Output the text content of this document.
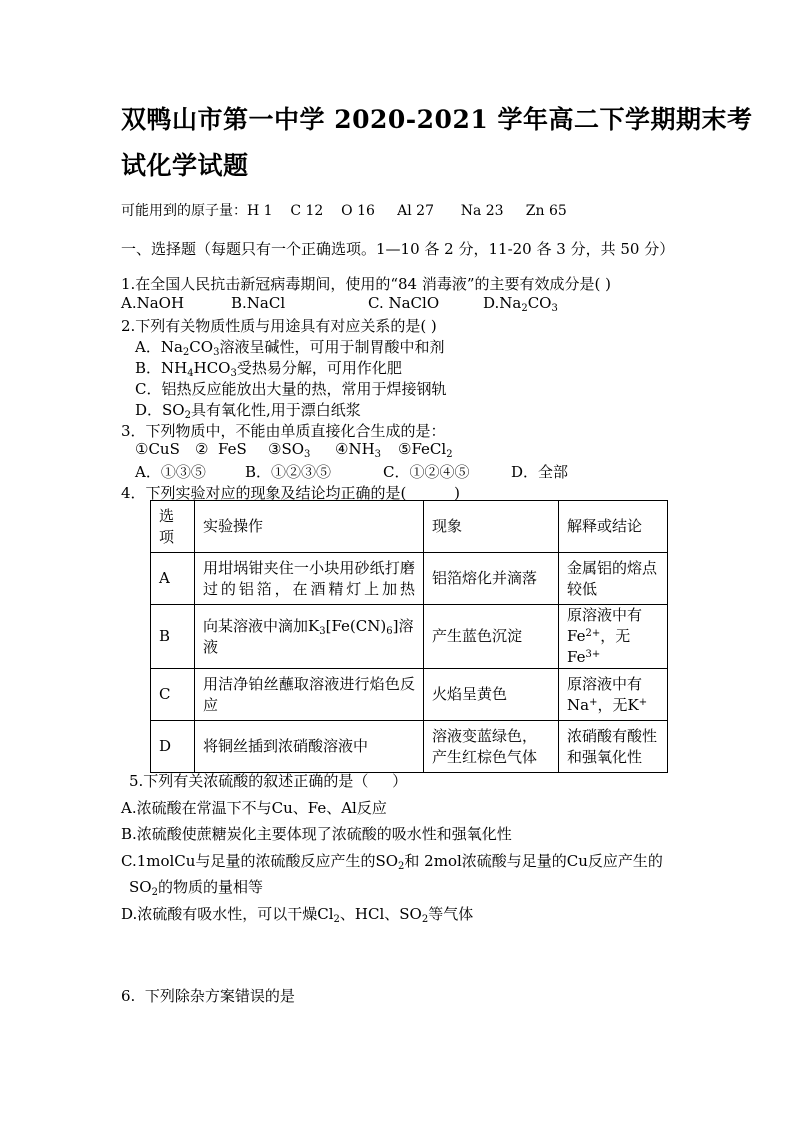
双鸭山市第一中学 2020-2021 学年高二下学期期末考
试化学试题
可能用到的原子量：H 1    C 12    O 16     Al 27      Na 23     Zn 65
一、选择题（每题只有一个正确选项。1—10 各 2 分，11-20 各 3 分，共 50 分）
1.在全国人民抗击新冠病毒期间，使用的“84 消毒液”的主要有效成分是( )
A.NaOH	B.NaCl	C. NaClO	$D.Na_2CO_3$
2.下列有关物质性质与用途具有对应关系的是( )
A．$Na_2CO_3$溶液呈碱性，可用于制胃酸中和剂
B．$NH_4HCO_3$受热易分解，可用作化肥
C．铝热反应能放出大量的热，常用于焊接钢轨
D．$SO_2$具有氧化性,用于漂白纸浆
3．下列物质中，不能由单质直接化合生成的是：
①CuS ②  FeS $③SO_3$ $④NH_3$ ⑤FeCl$_2$
A．①③⑤	B．①②③⑤	C．①②④⑤	D．全部
4．下列实验对应的现象及结论均正确的是(          )
选项	实验操作	现象	解释或结论
A	用坩埚钳夹住一小块用砂纸打磨过的铝箔，在酒精灯上加热	铝箔熔化并滴落	金属铝的熔点较低
B	向某溶液中滴加$K_3[Fe(CN)_6]$溶液	产生蓝色沉淀	原溶液中有$Fe^{2+}$，无$Fe^{3+}$
C	用洁净铂丝蘸取溶液进行焰色反应	火焰呈黄色	原溶液中有Na+，无K+
D	将铜丝插到浓硝酸溶液中	溶液变蓝绿色，产生红棕色气体	浓硝酸有酸性和强氧化性
5.下列有关浓硫酸的叙述正确的是（     ）
A.浓硫酸在常温下不与Cu、Fe、Al反应
B.浓硫酸使蔗糖炭化主要体现了浓硫酸的吸水性和强氧化性
C.1molCu与足量的浓硫酸反应产生的$SO_2$和 2mol浓硫酸与足量的Cu反应产生的
$SO_2$的物质的量相等
D.浓硫酸有吸水性，可以干燥$Cl_2$、HCl、$SO_2$等气体
6.  下列除杂方案错误的是
